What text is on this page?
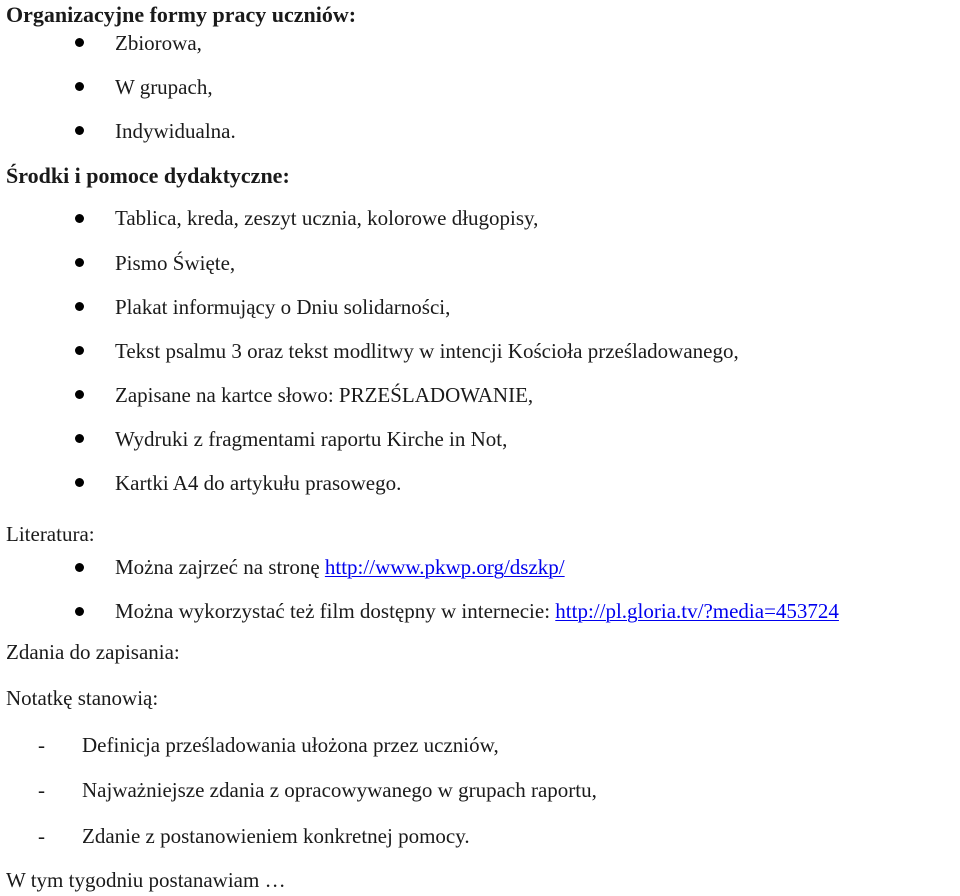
Organizacyjne formy pracy uczniów:
Zbiorowa,
W grupach,
Indywidualna.
Środki i pomoce dydaktyczne:
Tablica, kreda, zeszyt ucznia, kolorowe długopisy,
Pismo Święte,
Plakat informujący o Dniu solidarności,
Tekst psalmu 3 oraz tekst modlitwy w intencji Kościoła prześladowanego,
Zapisane na kartce słowo: PRZEŚLADOWANIE,
Wydruki z fragmentami raportu Kirche in Not,
Kartki A4 do artykułu prasowego.
Literatura:
Można zajrzeć na stronę http://www.pkwp.org/dszkp/
Można wykorzystać też film dostępny w internecie: http://pl.gloria.tv/?media=453724
Zdania do zapisania:
Notatkę stanowią:
- Definicja prześladowania ułożona przez uczniów,
- Najważniejsze zdania z opracowywanego w grupach raportu,
- Zdanie z postanowieniem konkretnej pomocy.
W tym tygodniu postanawiam …
